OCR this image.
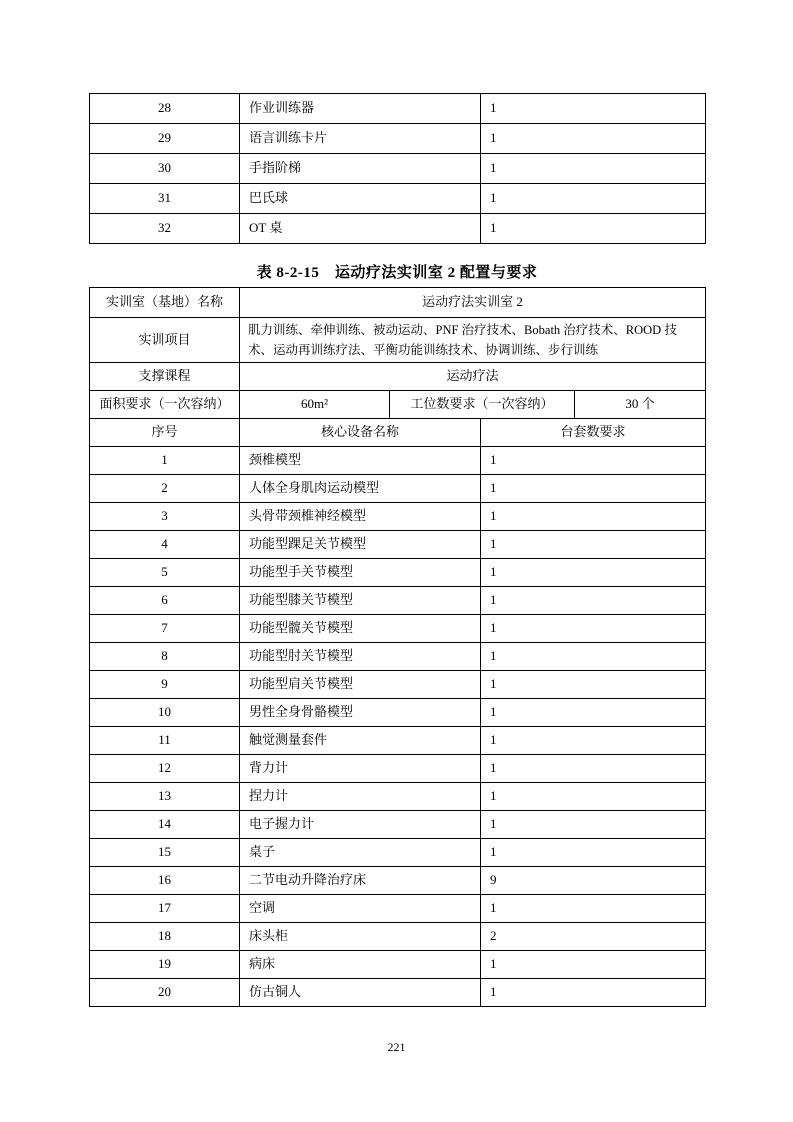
28	作业训练器	1
29	语言训练卡片	1
30	手指阶梯	1
31	巴氏球	1
32	OT 桌	1
表 8-2-15　运动疗法实训室 2 配置与要求
实训室（基地）名称	运动疗法实训室 2			
实训项目	肌力训练、牵伸训练、被动运动、PNF 治疗技术、Bobath 治疗技术、ROOD 技术、运动再训练疗法、平衡功能训练技术、协调训练、步行训练			
支撑课程	运动疗法			
面积要求（一次容纳）	60m²	工位数要求（一次容纳）		30 个
序号	核心设备名称		台套数要求	
1	颈椎模型		1	
2	人体全身肌肉运动模型		1	
3	头骨带颈椎神经模型		1	
4	功能型踝足关节模型		1	
5	功能型手关节模型		1	
6	功能型膝关节模型		1	
7	功能型髋关节模型		1	
8	功能型肘关节模型		1	
9	功能型肩关节模型		1	
10	男性全身骨骼模型		1	
11	触觉测量套件		1	
12	背力计		1	
13	捏力计		1	
14	电子握力计		1	
15	桌子		1	
16	二节电动升降治疗床		9	
17	空调		1	
18	床头柜		2	
19	病床		1	
20	仿古铜人		1	
221
